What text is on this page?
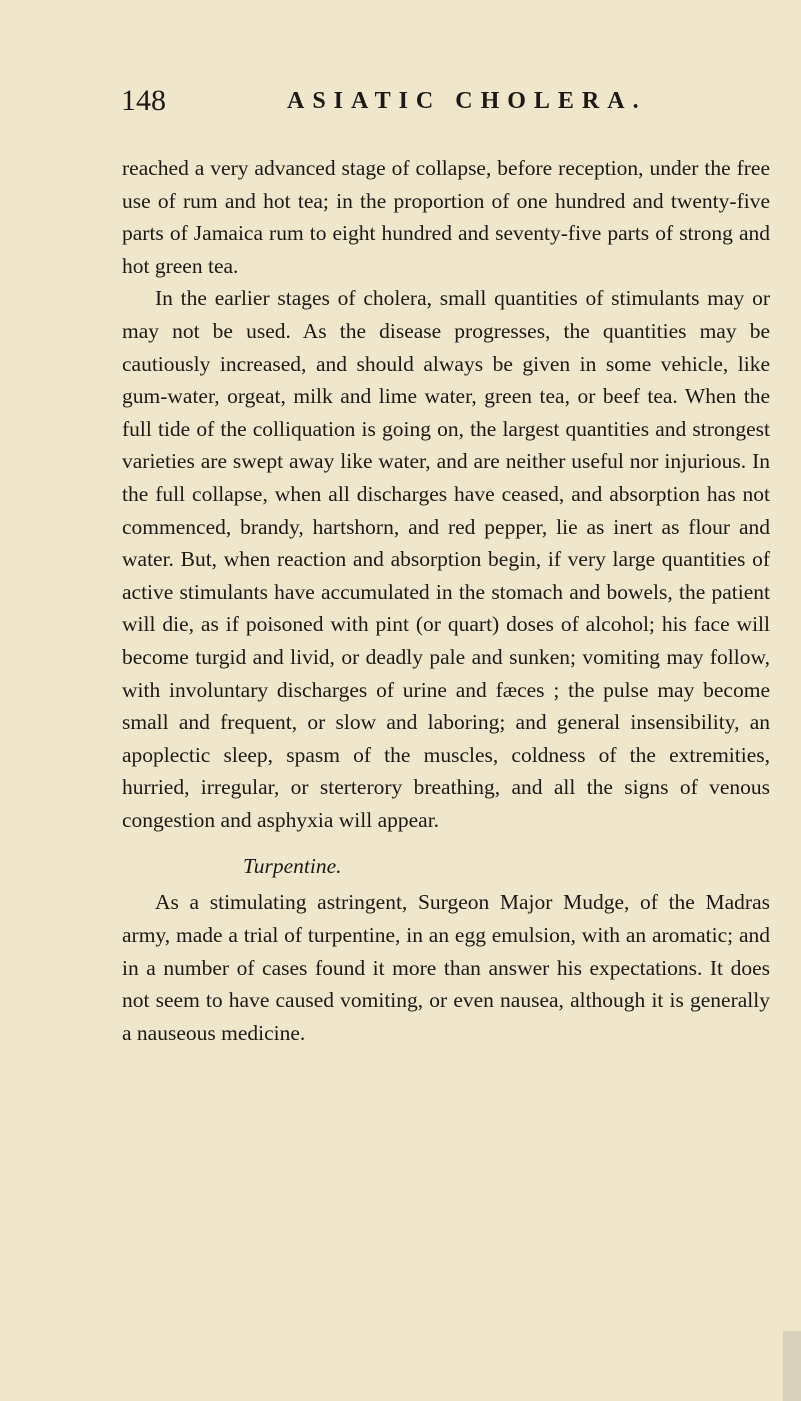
148	ASIATIC CHOLERA.

reached a very advanced stage of collapse, before reception, under the free use of rum and hot tea; in the proportion of one hundred and twenty-five parts of Jamaica rum to eight hundred and seventy-five parts of strong and hot green tea.

In the earlier stages of cholera, small quantities of stimulants may or may not be used. As the disease progresses, the quantities may be cautiously increased, and should always be given in some vehicle, like gum-water, orgeat, milk and lime water, green tea, or beef tea. When the full tide of the colliquation is going on, the largest quantities and strongest varieties are swept away like water, and are neither useful nor injurious. In the full collapse, when all discharges have ceased, and absorption has not commenced, brandy, hartshorn, and red pepper, lie as inert as flour and water. But, when reaction and absorption begin, if very large quantities of active stimulants have accumulated in the stomach and bowels, the patient will die, as if poisoned with pint (or quart) doses of alcohol; his face will become turgid and livid, or deadly pale and sunken; vomiting may follow, with involuntary discharges of urine and fæces ; the pulse may become small and frequent, or slow and laboring; and general insensibility, an apoplectic sleep, spasm of the muscles, coldness of the extremities, hurried, irregular, or sterterory breathing, and all the signs of venous congestion and asphyxia will appear.

Turpentine.

As a stimulating astringent, Surgeon Major Mudge, of the Madras army, made a trial of turpentine, in an egg emulsion, with an aromatic; and in a number of cases found it more than answer his expectations. It does not seem to have caused vomiting, or even nausea, although it is generally a nauseous medicine.
